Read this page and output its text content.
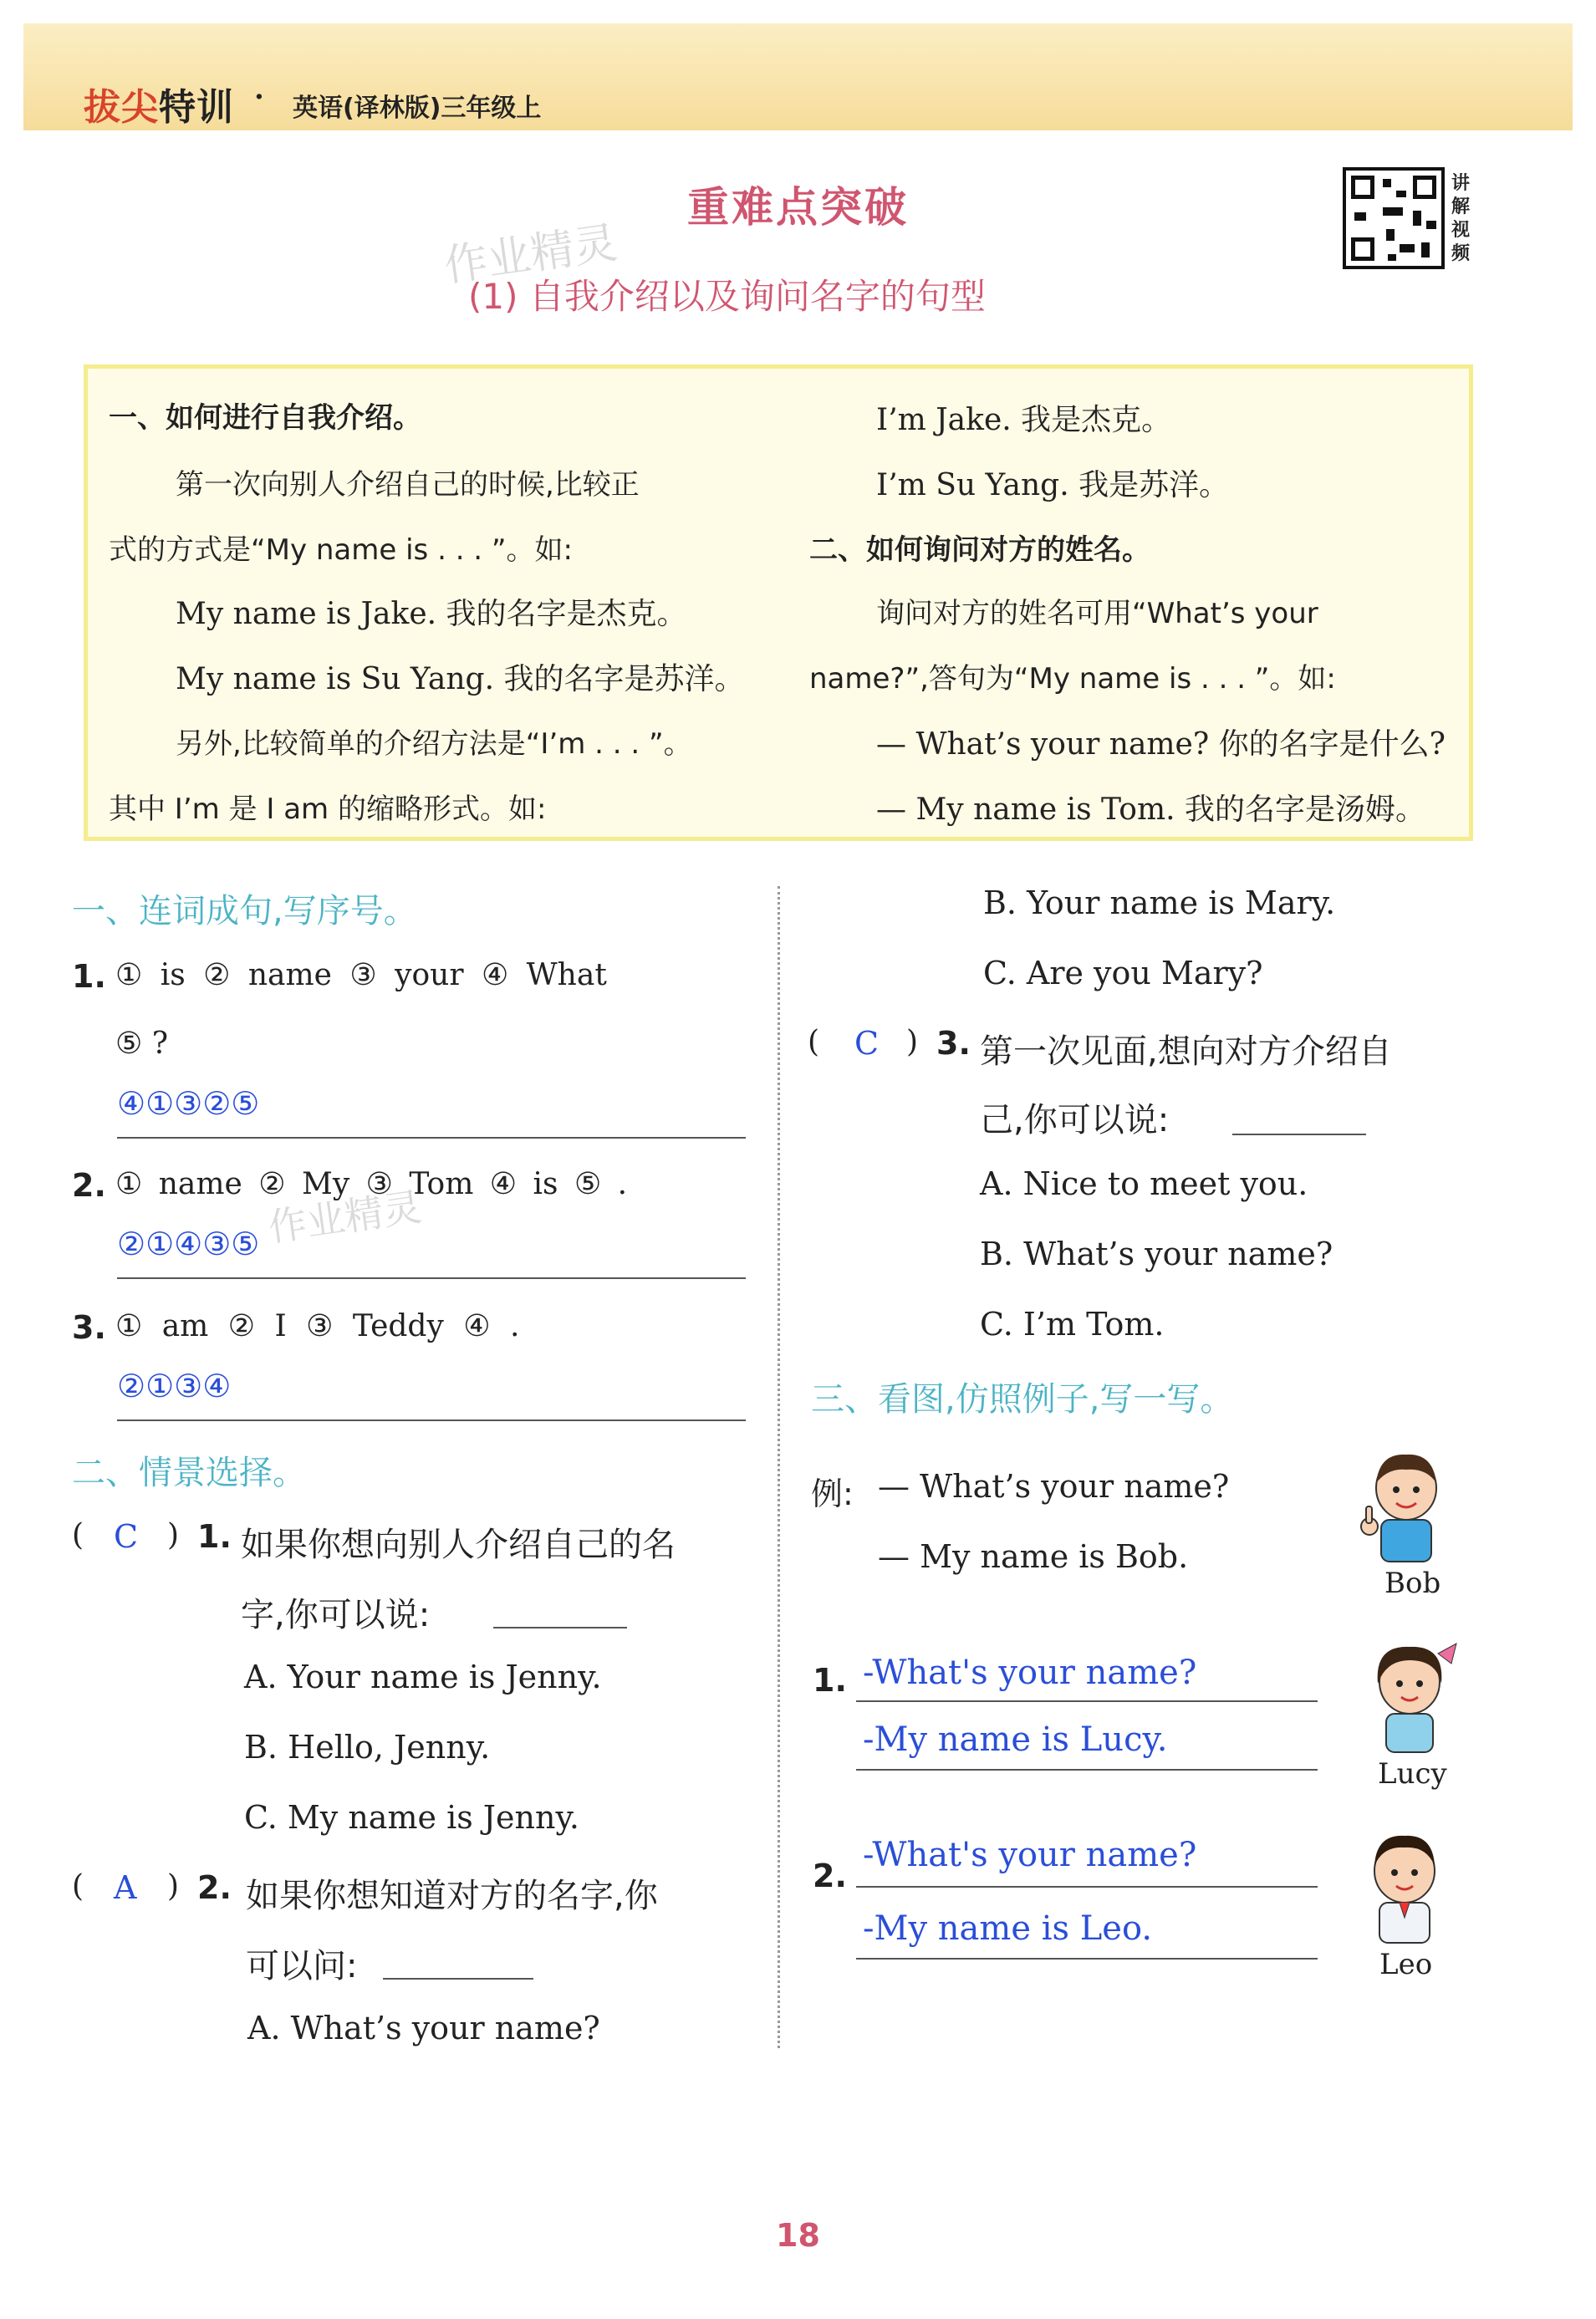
拔尖特训 · 英语(译林版)三年级上
重难点突破
作业精灵
(1) 自我介绍以及询问名字的句型
讲解视频
一、如何进行自我介绍。
第一次向别人介绍自己的时候,比较正
式的方式是“My name is . . . ”。如:
My name is Jake. 我的名字是杰克。
My name is Su Yang. 我的名字是苏洋。
另外,比较简单的介绍方法是“I’m . . . ”。
其中 I’m 是 I am 的缩略形式。如:
I’m Jake. 我是杰克。
I’m Su Yang. 我是苏洋。
二、如何询问对方的姓名。
询问对方的姓名可用“What’s your
name?”,答句为“My name is . . . ”。如:
— What’s your name? 你的名字是什么?
— My name is Tom. 我的名字是汤姆。
一、连词成句,写序号。
1. ① is ② name ③ your ④ What
⑤ ?
④①③②⑤
2. ① name ② My ③ Tom ④ is ⑤ .
作业精灵
②①④③⑤
3. ① am ② I ③ Teddy ④ .
②①③④
二、情景选择。
( C ) 1. 如果你想向别人介绍自己的名
字,你可以说:
A. Your name is Jenny.
B. Hello, Jenny.
C. My name is Jenny.
( A ) 2. 如果你想知道对方的名字,你
可以问:
A. What’s your name?
B. Your name is Mary.
C. Are you Mary?
( C ) 3. 第一次见面,想向对方介绍自
己,你可以说:
A. Nice to meet you.
B. What’s your name?
C. I’m Tom.
三、看图,仿照例子,写一写。
例: — What’s your name?
— My name is Bob.
Bob
1. -What's your name?
-My name is Lucy.
Lucy
2.
-What's your name?
-My name is Leo.
Leo
18
